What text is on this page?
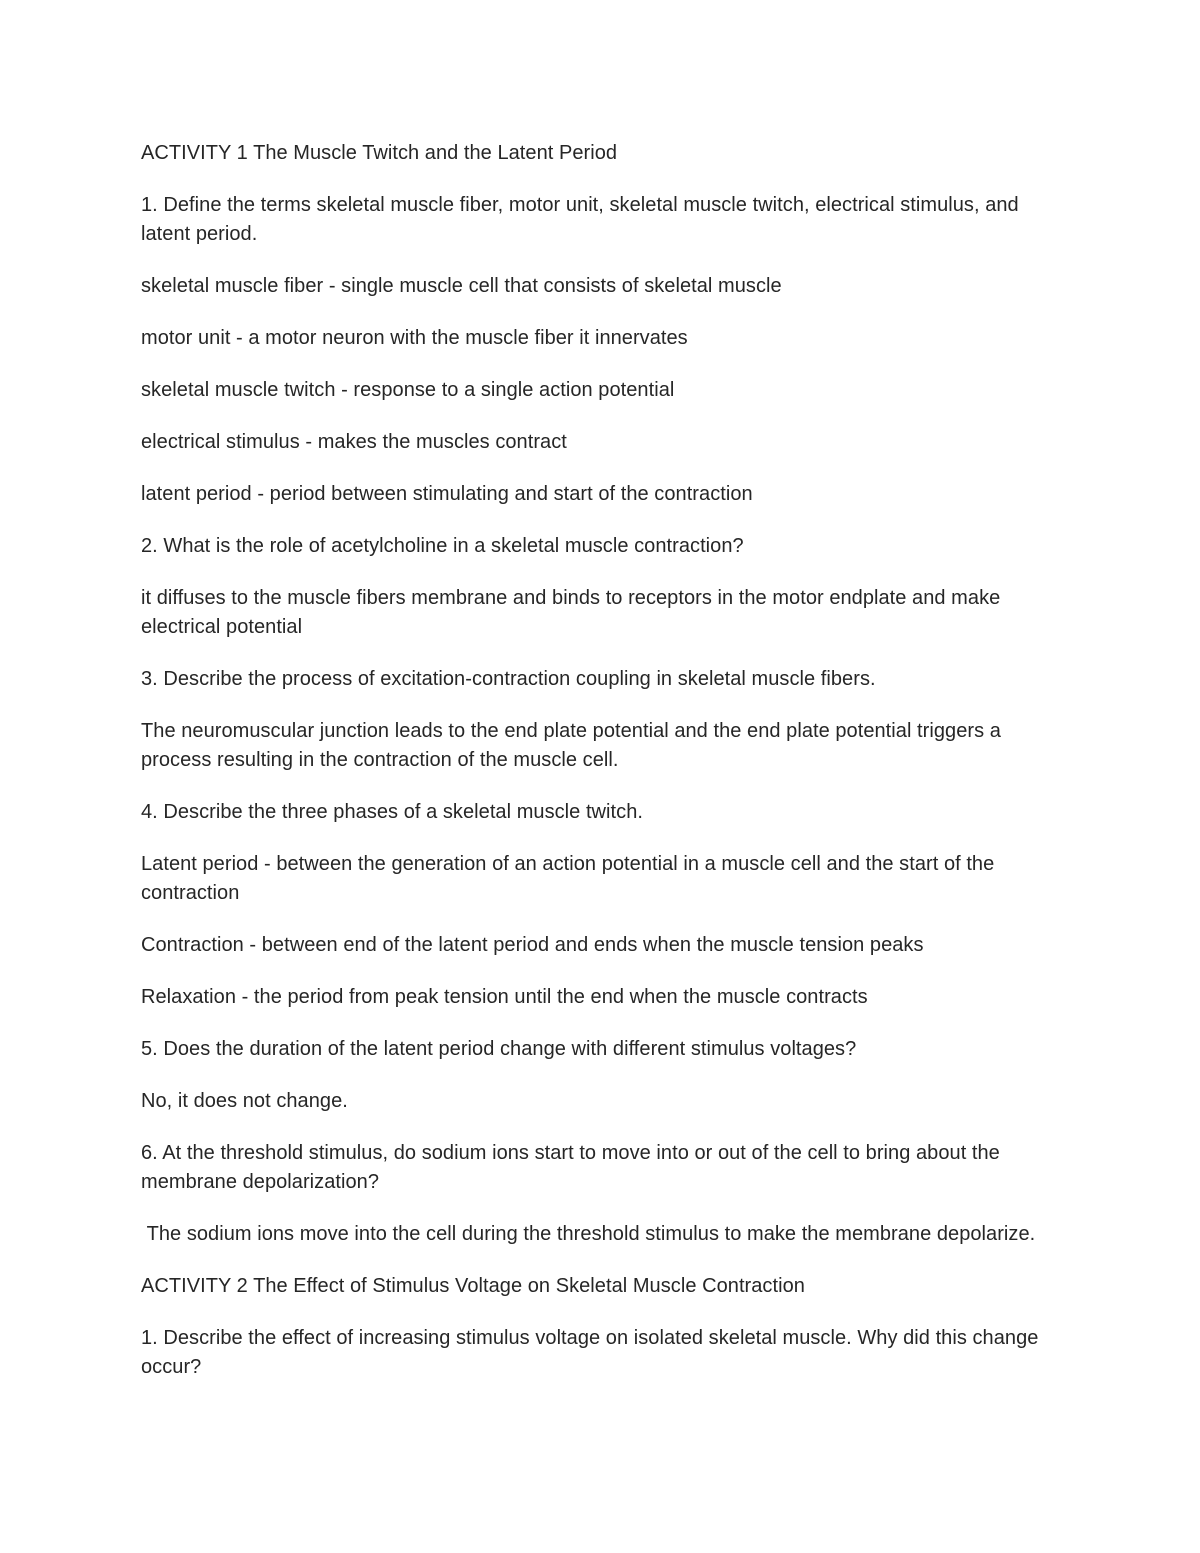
ACTIVITY 1 The Muscle Twitch and the Latent Period

1. Define the terms skeletal muscle fiber, motor unit, skeletal muscle twitch, electrical stimulus, and latent period.

skeletal muscle fiber - single muscle cell that consists of skeletal muscle

motor unit - a motor neuron with the muscle fiber it innervates

skeletal muscle twitch - response to a single action potential

electrical stimulus - makes the muscles contract

latent period - period between stimulating and start of the contraction

2. What is the role of acetylcholine in a skeletal muscle contraction?

it diffuses to the muscle fibers membrane and binds to receptors in the motor endplate and make electrical potential

3. Describe the process of excitation-contraction coupling in skeletal muscle fibers.

The neuromuscular junction leads to the end plate potential and the end plate potential triggers a process resulting in the contraction of the muscle cell.

4. Describe the three phases of a skeletal muscle twitch.

Latent period - between the generation of an action potential in a muscle cell and the start of the contraction

Contraction - between end of the latent period and ends when the muscle tension peaks

Relaxation - the period from peak tension until the end when the muscle contracts

5. Does the duration of the latent period change with different stimulus voltages?

No, it does not change.

6. At the threshold stimulus, do sodium ions start to move into or out of the cell to bring about the membrane depolarization?

The sodium ions move into the cell during the threshold stimulus to make the membrane depolarize.

ACTIVITY 2 The Effect of Stimulus Voltage on Skeletal Muscle Contraction

1. Describe the effect of increasing stimulus voltage on isolated skeletal muscle. Why did this change occur?
